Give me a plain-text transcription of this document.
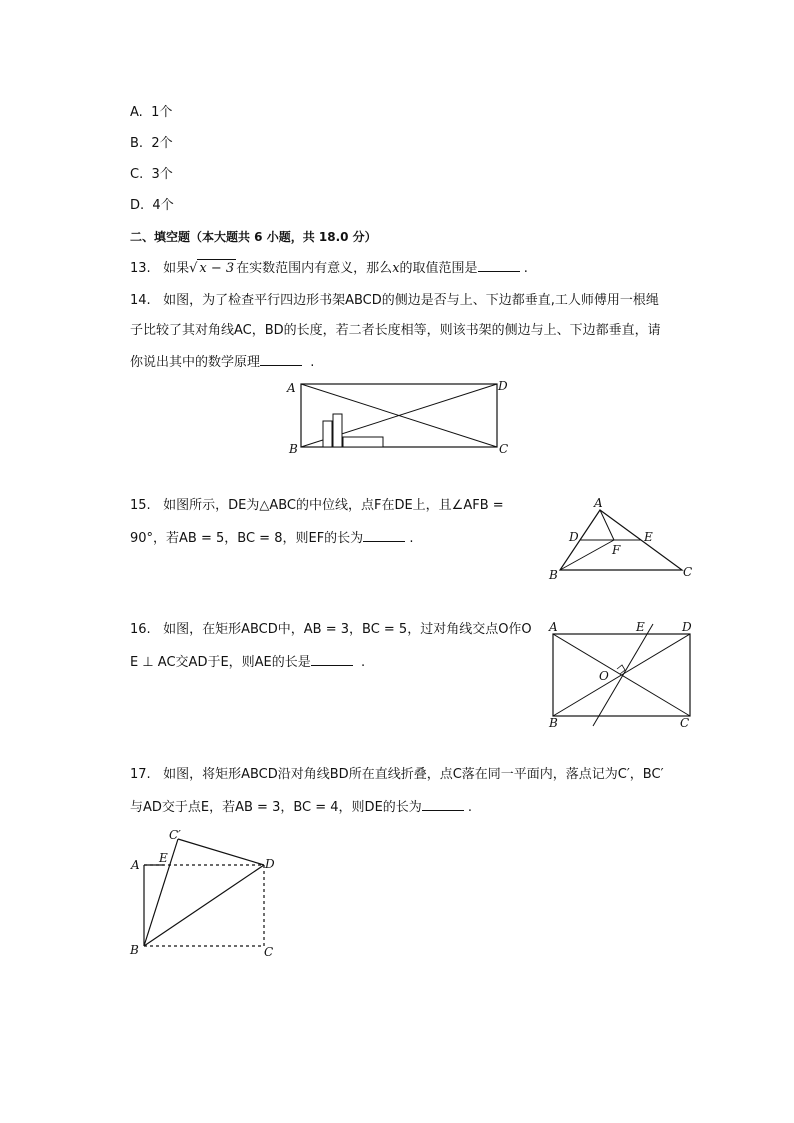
A. 1个
B. 2个
C. 3个
D. 4个
二、填空题（本大题共 6 小题，共 18.0 分）
13. 如果√ x − 3 在实数范围内有意义，那么x的取值范围是	.
14. 如图，为了检查平行四边形书架ABCD的侧边是否与上、下边都垂直,工人师傅用一根绳
子比较了其对角线AC，BD的长度，若二者长度相等，则该书架的侧边与上、下边都垂直，请
你说出其中的数学原理	.
A
B	C
D
15. 如图所示，DE为△ABC的中位线，点F在DE上，且∠AFB =
90°，若AB = 5，BC = 8，则EF的长为	.
A
B	C
D	E
F
16. 如图，在矩形ABCD中，AB = 3，BC = 5，过对角线交点O作O
E ⊥ AC交AD于E，则AE的长是	.
A
B	C
D
E
O
17. 如图，将矩形ABCD沿对角线BD所在直线折叠，点C落在同一平面内，落点记为C′，BC′
与AD交于点E，若AB = 3，BC = 4，则DE的长为	.
A
B	C
D
E
C′
